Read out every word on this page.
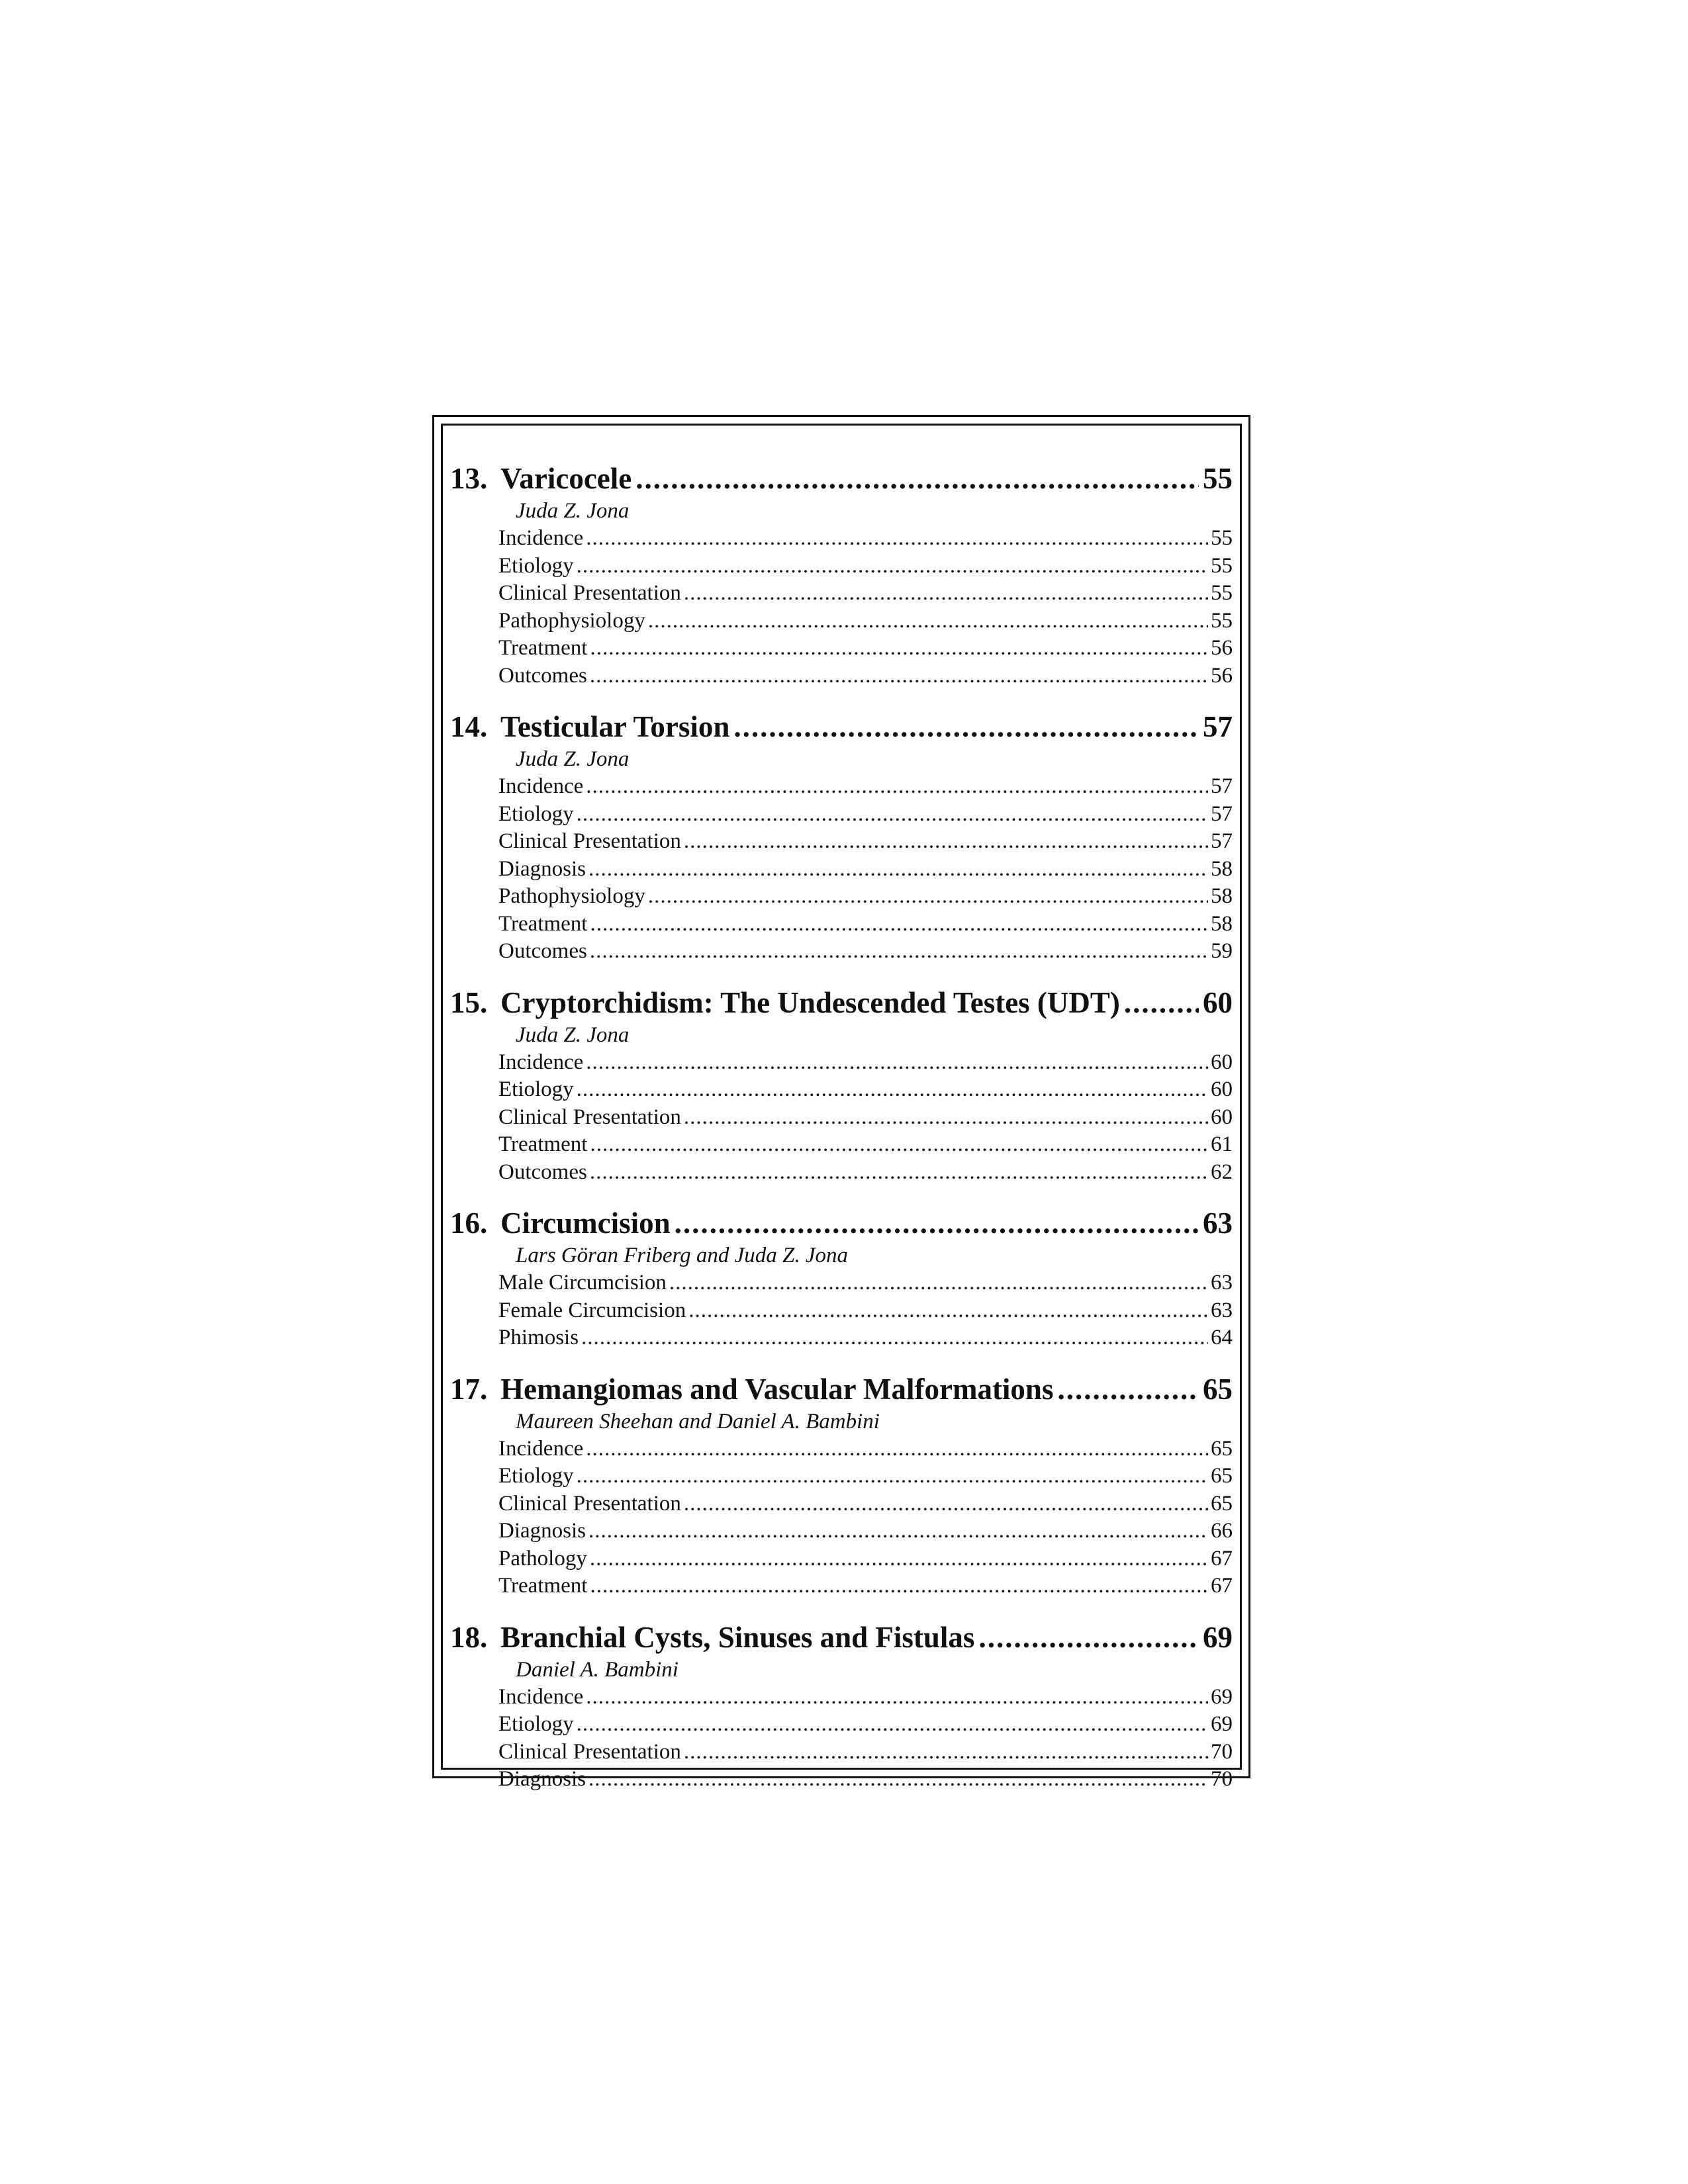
13. Varicocele .....	55
Juda Z. Jona
Incidence .....	55
Etiology .....	55
Clinical Presentation .....	55
Pathophysiology .....	55
Treatment .....	56
Outcomes .....	56
14. Testicular Torsion .....	57
Juda Z. Jona
Incidence .....	57
Etiology .....	57
Clinical Presentation .....	57
Diagnosis .....	58
Pathophysiology .....	58
Treatment .....	58
Outcomes .....	59
15. Cryptorchidism: The Undescended Testes (UDT) .....	60
Juda Z. Jona
Incidence .....	60
Etiology .....	60
Clinical Presentation .....	60
Treatment .....	61
Outcomes .....	62
16. Circumcision .....	63
Lars Göran Friberg and Juda Z. Jona
Male Circumcision .....	63
Female Circumcision .....	63
Phimosis .....	64
17. Hemangiomas and Vascular Malformations .....	65
Maureen Sheehan and Daniel A. Bambini
Incidence .....	65
Etiology .....	65
Clinical Presentation .....	65
Diagnosis .....	66
Pathology .....	67
Treatment .....	67
18. Branchial Cysts, Sinuses and Fistulas .....	69
Daniel A. Bambini
Incidence .....	69
Etiology .....	69
Clinical Presentation .....	70
Diagnosis .....	70
